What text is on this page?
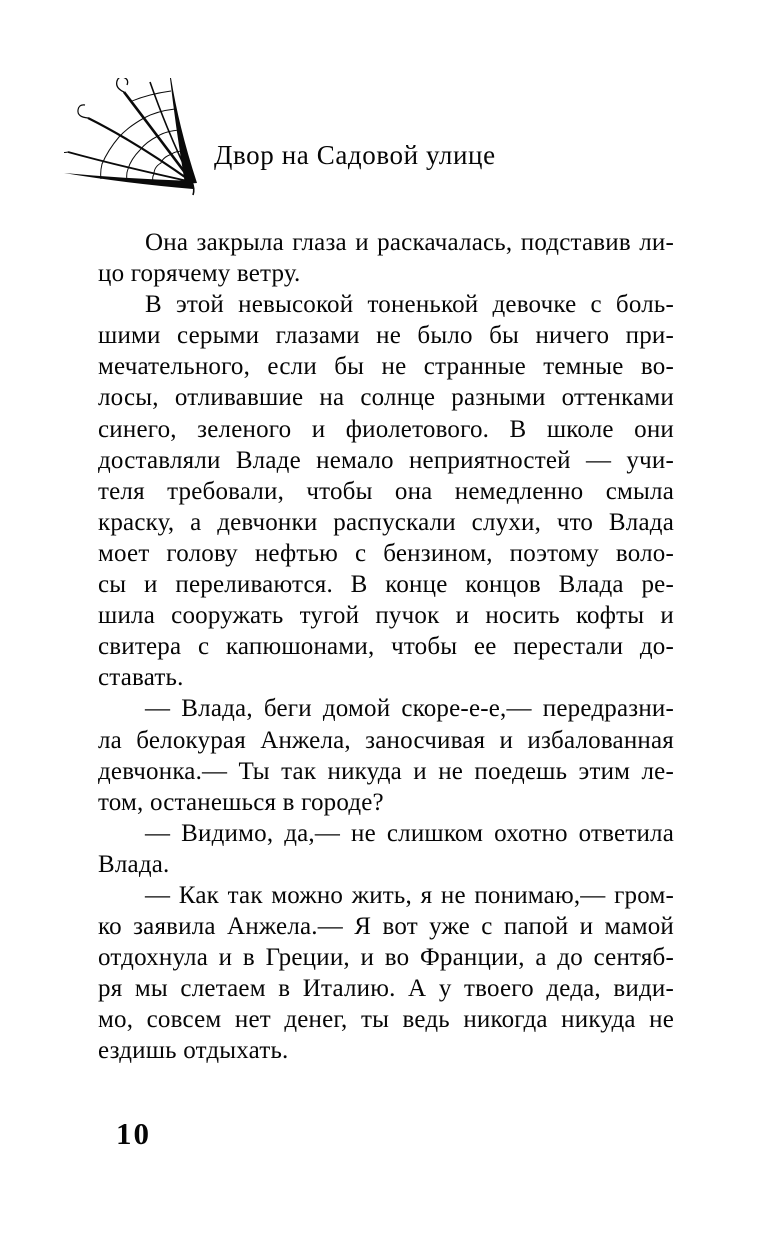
Двор на Садовой улице
Она закрыла глаза и раскачалась, подставив ли-
цо горячему ветру.
В этой невысокой тоненькой девочке с боль-
шими серыми глазами не было бы ничего при-
мечательного, если бы не странные темные во-
лосы, отливавшие на солнце разными оттенками
синего, зеленого и фиолетового. В школе они
доставляли Владе немало неприятностей — учи-
теля требовали, чтобы она немедленно смыла
краску, а девчонки распускали слухи, что Влада
моет голову нефтью с бензином, поэтому воло-
сы и переливаются. В конце концов Влада ре-
шила сооружать тугой пучок и носить кофты и
свитера с капюшонами, чтобы ее перестали до-
ставать.
— Влада, беги домой скоре-е-е,— передразни-
ла белокурая Анжела, заносчивая и избалованная
девчонка.— Ты так никуда и не поедешь этим ле-
том, останешься в городе?
— Видимо, да,— не слишком охотно ответила
Влада.
— Как так можно жить, я не понимаю,— гром-
ко заявила Анжела.— Я вот уже с папой и мамой
отдохнула и в Греции, и во Франции, а до сентяб-
ря мы слетаем в Италию. А у твоего деда, види-
мо, совсем нет денег, ты ведь никогда никуда не
ездишь отдыхать.
10
